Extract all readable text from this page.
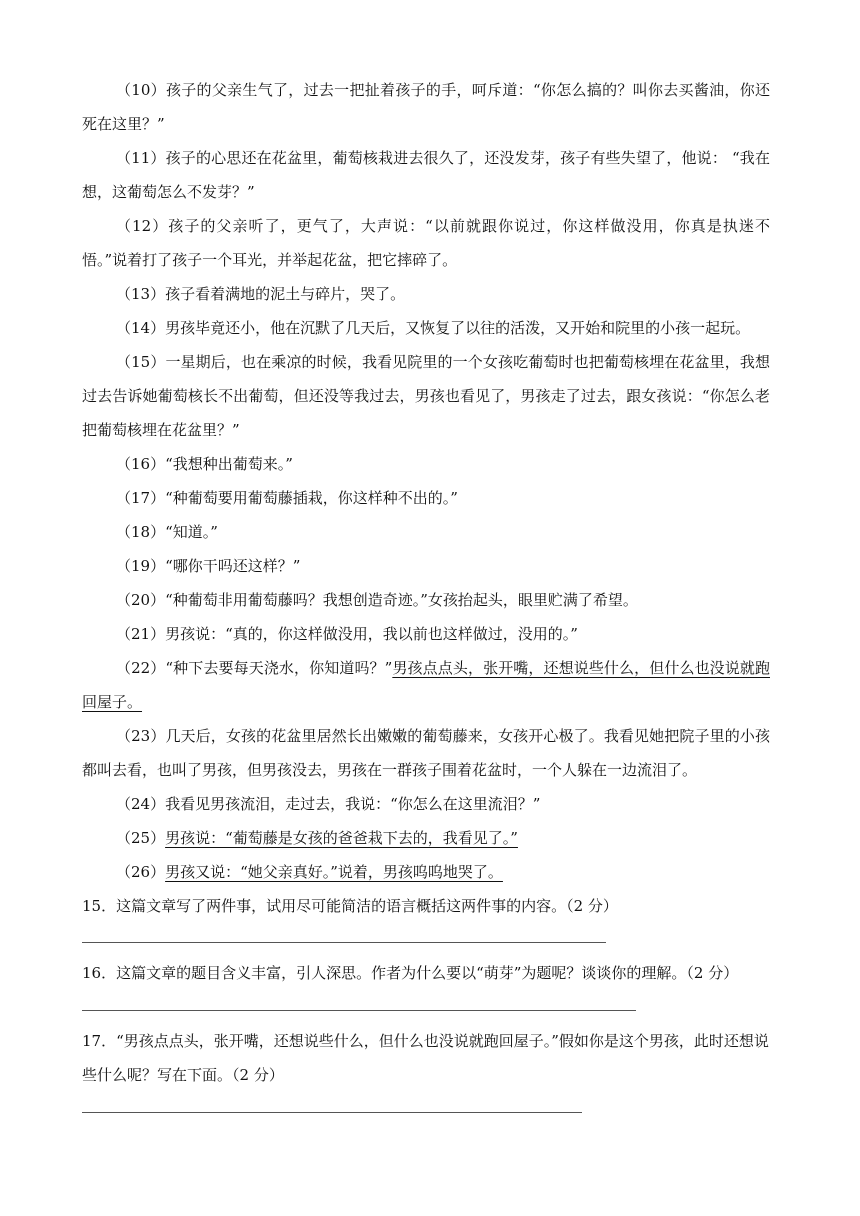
（10）孩子的父亲生气了，过去一把扯着孩子的手，呵斥道：“你怎么搞的？叫你去买酱油，你还死在这里？”

（11）孩子的心思还在花盆里，葡萄核栽进去很久了，还没发芽，孩子有些失望了，他说： “我在想，这葡萄怎么不发芽？”

（12）孩子的父亲听了，更气了，大声说：“以前就跟你说过，你这样做没用，你真是执迷不悟。”说着打了孩子一个耳光，并举起花盆，把它摔碎了。

（13）孩子看着满地的泥土与碎片，哭了。

（14）男孩毕竟还小，他在沉默了几天后，又恢复了以往的活泼，又开始和院里的小孩一起玩。

（15）一星期后，也在乘凉的时候，我看见院里的一个女孩吃葡萄时也把葡萄核埋在花盆里，我想过去告诉她葡萄核长不出葡萄，但还没等我过去，男孩也看见了，男孩走了过去，跟女孩说：“你怎么老把葡萄核埋在花盆里？”

（16）“我想种出葡萄来。”

（17）“种葡萄要用葡萄藤插栽，你这样种不出的。”

（18）“知道。”

（19）“哪你干吗还这样？”

（20）“种葡萄非用葡萄藤吗？我想创造奇迹。”女孩抬起头，眼里贮满了希望。

（21）男孩说：“真的，你这样做没用，我以前也这样做过，没用的。”

（22）“种下去要每天浇水，你知道吗？”男孩点点头，张开嘴，还想说些什么，但什么也没说就跑回屋子。

（23）几天后，女孩的花盆里居然长出嫩嫩的葡萄藤来，女孩开心极了。我看见她把院子里的小孩都叫去看，也叫了男孩，但男孩没去，男孩在一群孩子围着花盆时，一个人躲在一边流泪了。

（24）我看见男孩流泪，走过去，我说：“你怎么在这里流泪？”

（25）男孩说：“葡萄藤是女孩的爸爸栽下去的，我看见了。”

（26）男孩又说：“她父亲真好。”说着，男孩呜呜地哭了。

15．这篇文章写了两件事，试用尽可能简洁的语言概括这两件事的内容。（2 分）

16．这篇文章的题目含义丰富，引人深思。作者为什么要以“萌芽”为题呢？谈谈你的理解。（2 分）

17．“男孩点点头，张开嘴，还想说些什么，但什么也没说就跑回屋子。”假如你是这个男孩，此时还想说些什么呢？写在下面。（2 分）
